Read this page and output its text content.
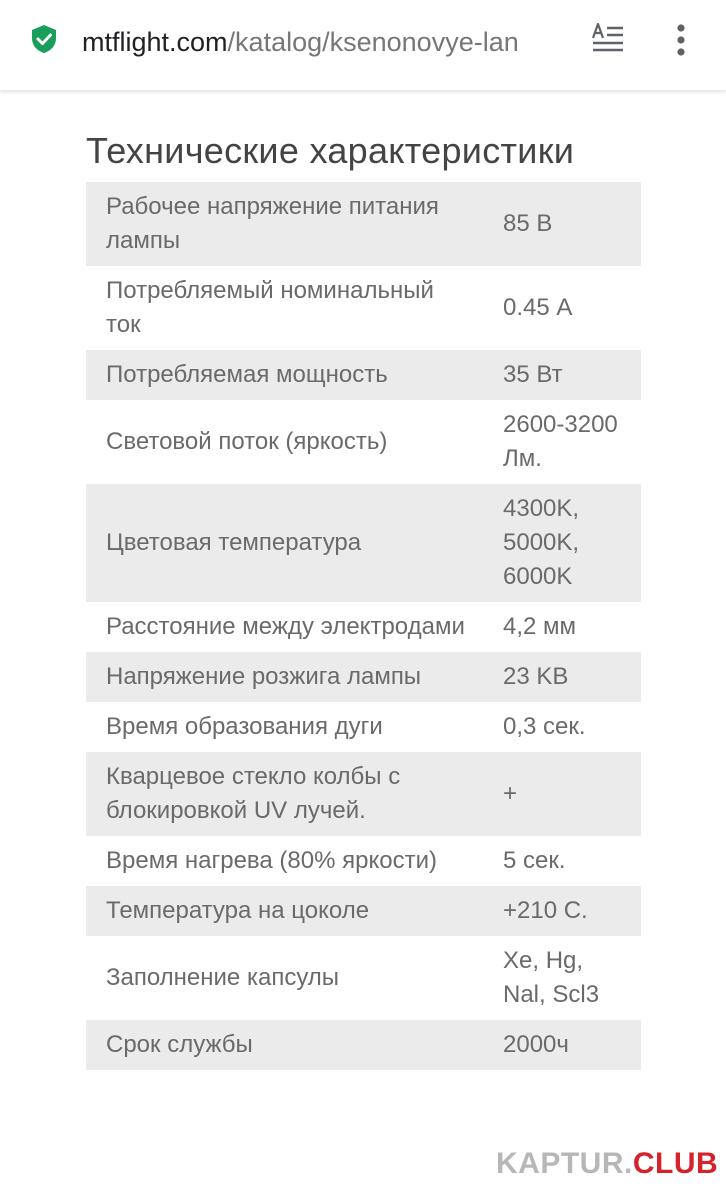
mtflight.com/katalog/ksenonovye-lan
Технические характеристики
Рабочее напряжение питания лампы	85 В
Потребляемый номинальный ток	0.45 А
Потребляемая мощность	35 Вт
Световой поток (яркость)	2600-3200 Лм.
Цветовая температура	4300K, 5000K, 6000K
Расстояние между электродами	4,2 мм
Напряжение розжига лампы	23 KB
Время образования дуги	0,3 сек.
Кварцевое стекло колбы с блокировкой UV лучей.	+
Время нагрева (80% яркости)	5 сек.
Температура на цоколе	+210 С.
Заполнение капсулы	Xe, Hg, Nal, Scl3
Срок службы	2000ч
KAPTUR.CLUB
